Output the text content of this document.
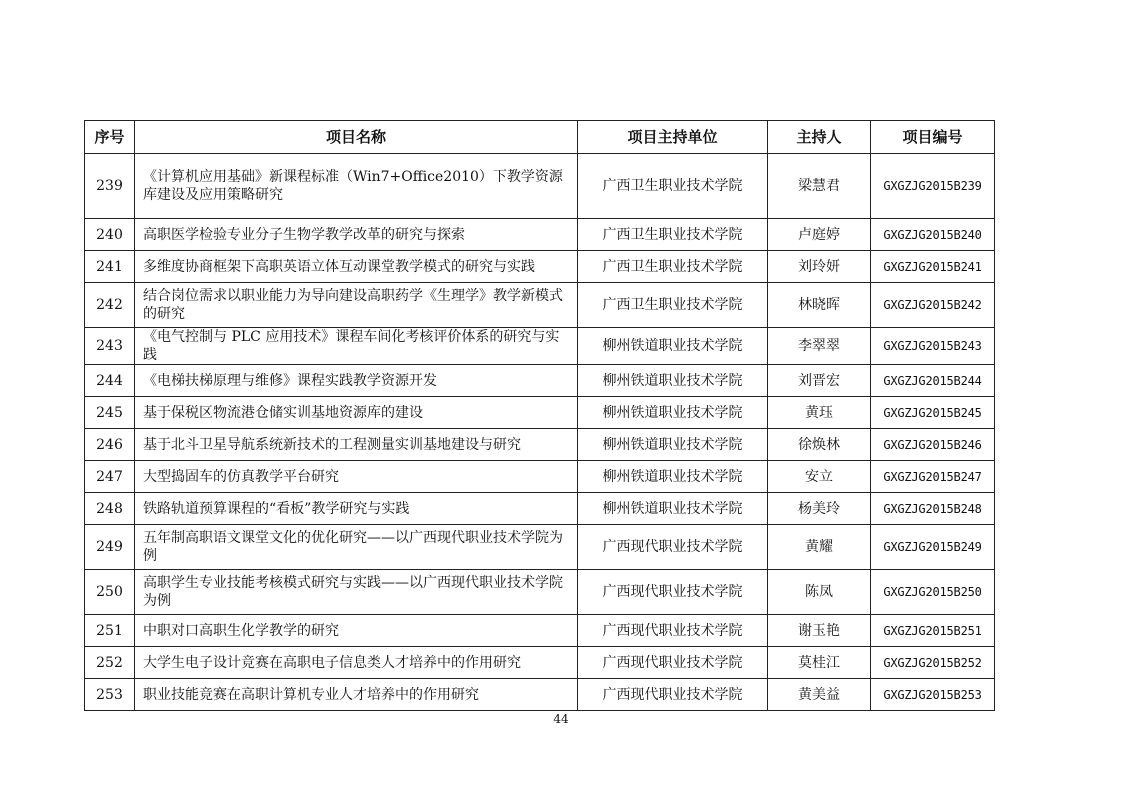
序号	项目名称	项目主持单位	主持人	项目编号
239	《计算机应用基础》新课程标准（Win7+Office2010）下教学资源库建设及应用策略研究	广西卫生职业技术学院	梁慧君	GXGZJG2015B239
240	高职医学检验专业分子生物学教学改革的研究与探索	广西卫生职业技术学院	卢庭婷	GXGZJG2015B240
241	多维度协商框架下高职英语立体互动课堂教学模式的研究与实践	广西卫生职业技术学院	刘玲妍	GXGZJG2015B241
242	结合岗位需求以职业能力为导向建设高职药学《生理学》教学新模式的研究	广西卫生职业技术学院	林晓晖	GXGZJG2015B242
243	《电气控制与 PLC 应用技术》课程车间化考核评价体系的研究与实践	柳州铁道职业技术学院	李翠翠	GXGZJG2015B243
244	《电梯扶梯原理与维修》课程实践教学资源开发	柳州铁道职业技术学院	刘晋宏	GXGZJG2015B244
245	基于保税区物流港仓储实训基地资源库的建设	柳州铁道职业技术学院	黄珏	GXGZJG2015B245
246	基于北斗卫星导航系统新技术的工程测量实训基地建设与研究	柳州铁道职业技术学院	徐焕林	GXGZJG2015B246
247	大型捣固车的仿真教学平台研究	柳州铁道职业技术学院	安立	GXGZJG2015B247
248	铁路轨道预算课程的“看板”教学研究与实践	柳州铁道职业技术学院	杨美玲	GXGZJG2015B248
249	五年制高职语文课堂文化的优化研究——以广西现代职业技术学院为例	广西现代职业技术学院	黄耀	GXGZJG2015B249
250	高职学生专业技能考核模式研究与实践——以广西现代职业技术学院为例	广西现代职业技术学院	陈凤	GXGZJG2015B250
251	中职对口高职生化学教学的研究	广西现代职业技术学院	谢玉艳	GXGZJG2015B251
252	大学生电子设计竞赛在高职电子信息类人才培养中的作用研究	广西现代职业技术学院	莫桂江	GXGZJG2015B252
253	职业技能竞赛在高职计算机专业人才培养中的作用研究	广西现代职业技术学院	黄美益	GXGZJG2015B253
44
